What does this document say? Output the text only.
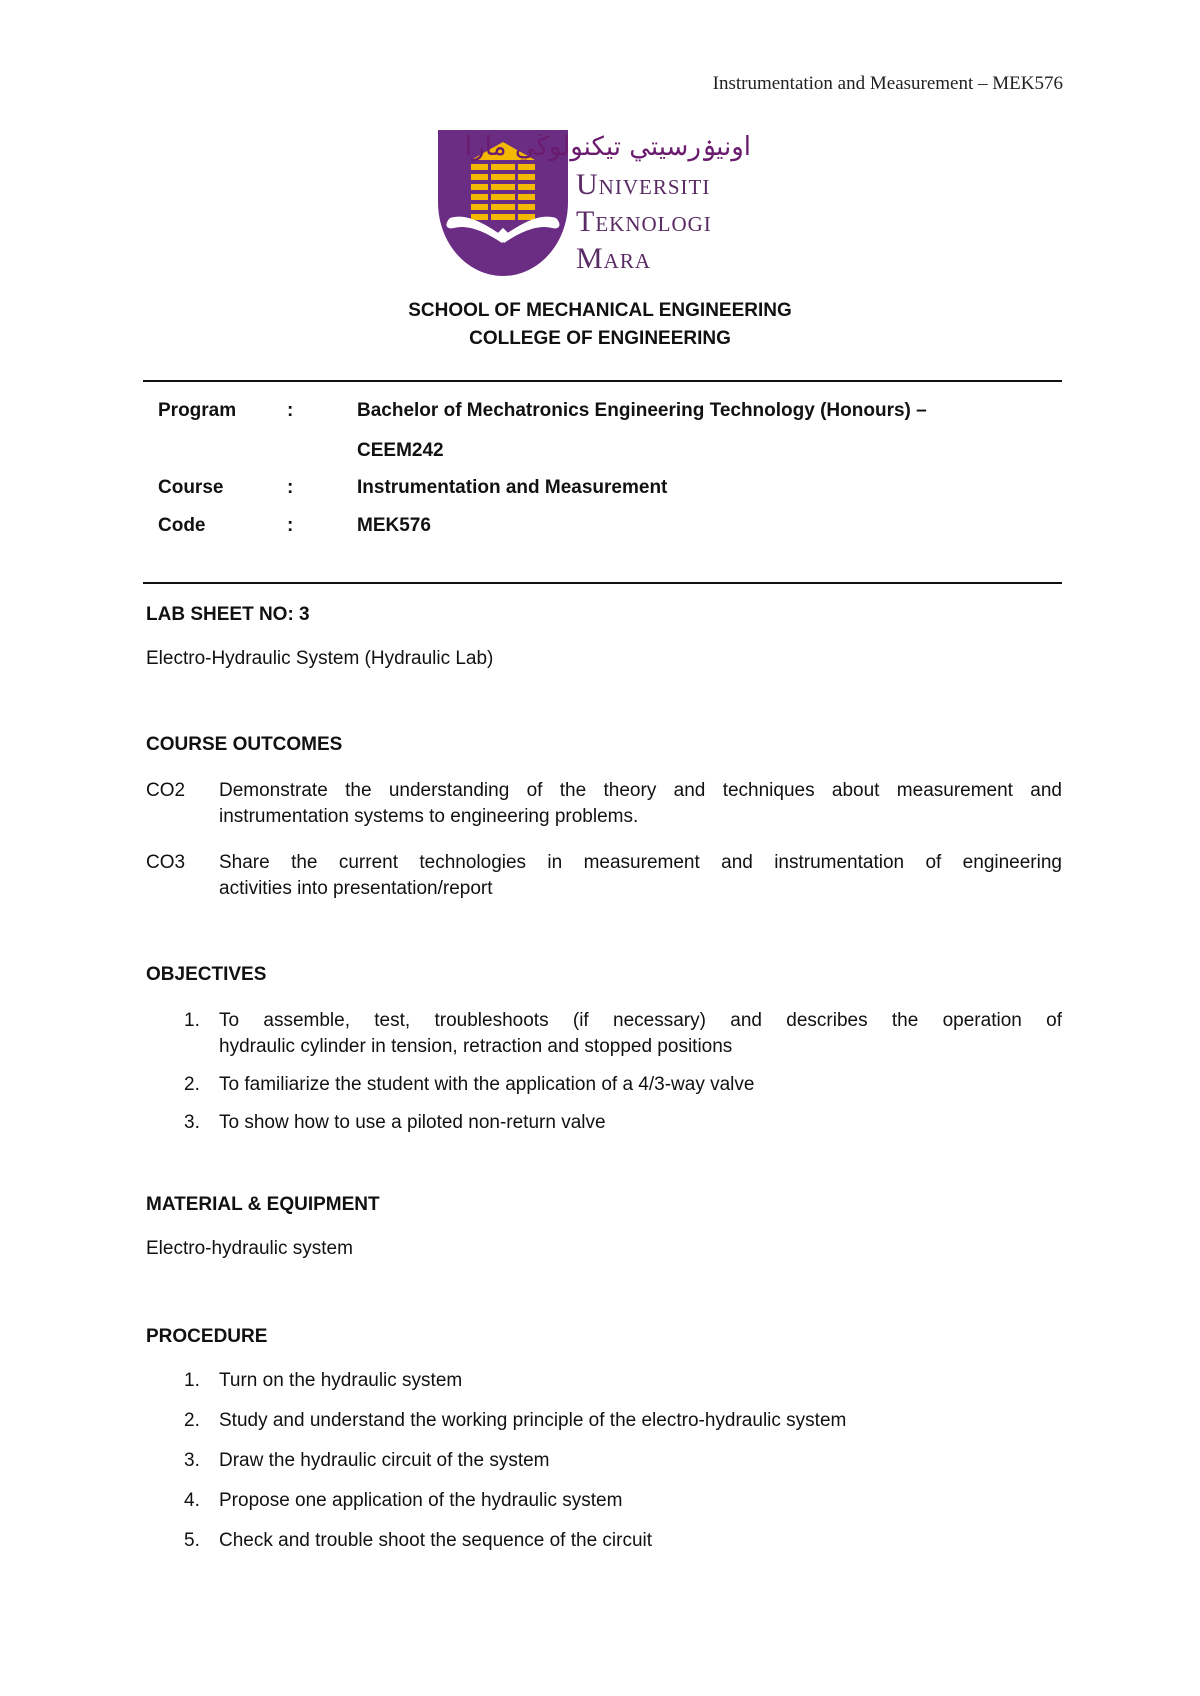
Instrumentation and Measurement – MEK576
اونيۏرسيتي تيكنولوڬي مارا
Universiti
Teknologi
Mara
SCHOOL OF MECHANICAL ENGINEERING
COLLEGE OF ENGINEERING
Program	:	Bachelor of Mechatronics Engineering Technology (Honours) –
CEEM242
Course	:	Instrumentation and Measurement
Code	:	MEK576
LAB SHEET NO: 3
Electro-Hydraulic System (Hydraulic Lab)
COURSE OUTCOMES
CO2 Demonstrate the understanding of the theory and techniques about measurement and
instrumentation systems to engineering problems.
CO3 Share the current technologies in measurement and instrumentation of engineering
activities into presentation/report
OBJECTIVES
1. To assemble, test, troubleshoots (if necessary) and describes the operation of
hydraulic cylinder in tension, retraction and stopped positions
2. To familiarize the student with the application of a 4/3-way valve
3. To show how to use a piloted non-return valve
MATERIAL & EQUIPMENT
Electro-hydraulic system
PROCEDURE
1. Turn on the hydraulic system
2. Study and understand the working principle of the electro-hydraulic system
3. Draw the hydraulic circuit of the system
4. Propose one application of the hydraulic system
5. Check and trouble shoot the sequence of the circuit
